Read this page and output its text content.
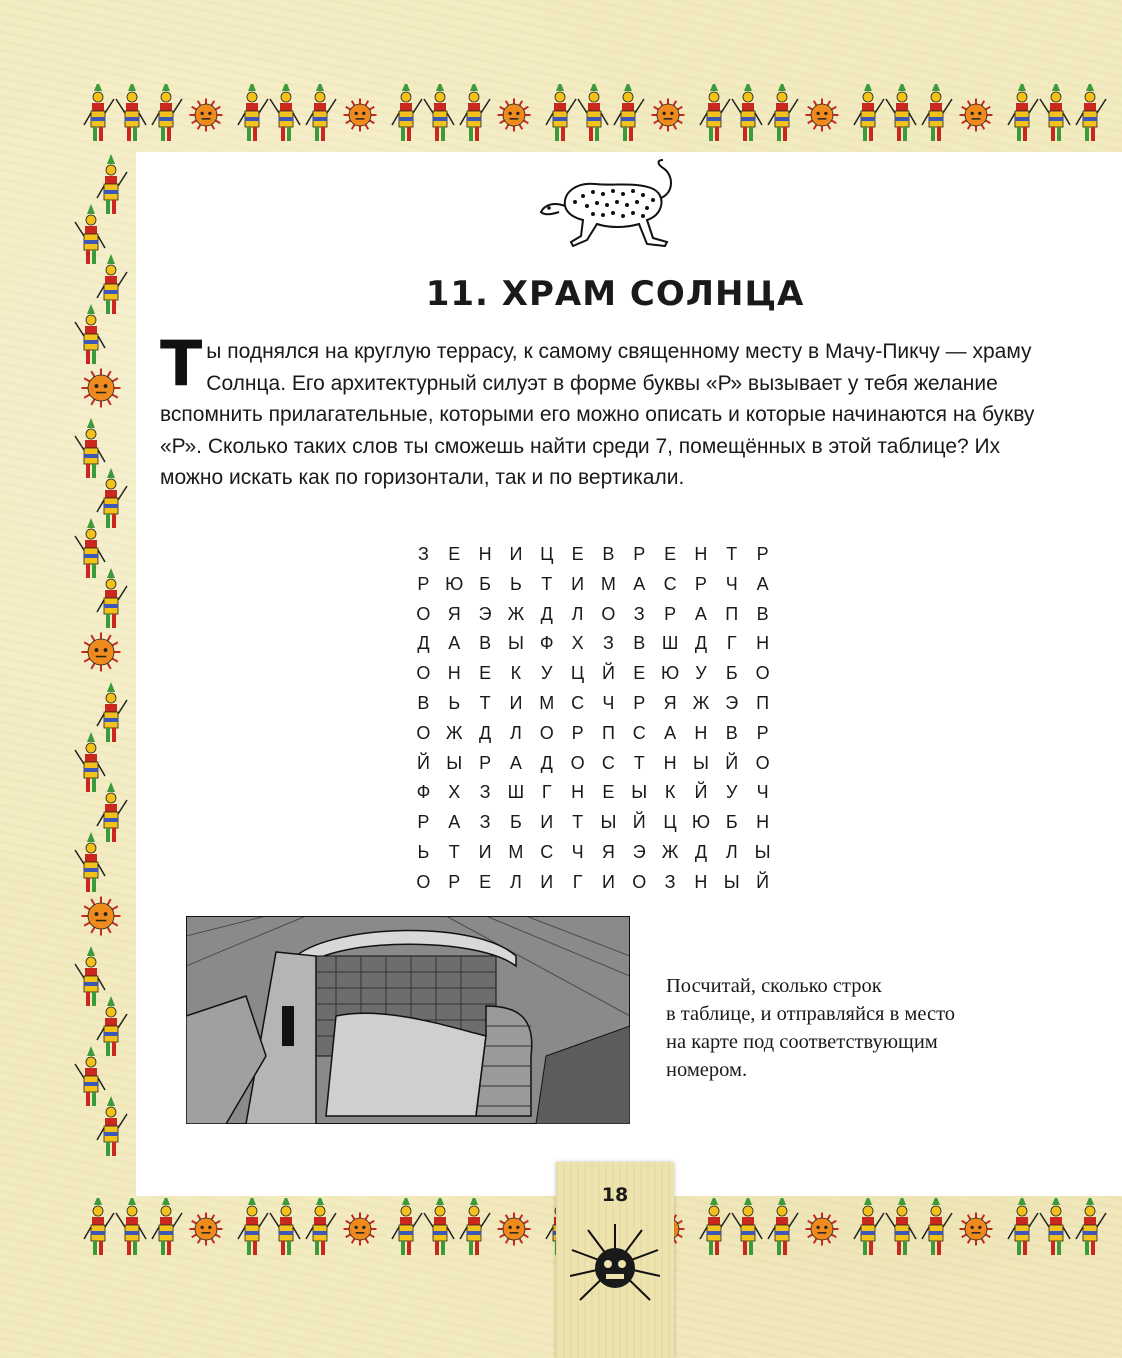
11. ХРАМ СОЛНЦА

Ты поднялся на круглую террасу, к самому священному месту в Мачу-Пикчу — храму Солнца. Его архитектурный силуэт в форме буквы «Р» вызывает у тебя желание вспомнить прилагательные, которыми его можно описать и которые начинаются на букву «Р». Сколько таких слов ты сможешь найти среди 7, помещённых в этой таблице? Их можно искать как по горизонтали, так и по вертикали.

З	Е	Н И Ц	Е	В	Р	Е	Н	Т	Р
Р Ю Б	Ь	Т	И М А	С	Р	Ч	А
О Я Э Ж Д	Л О	З	Р	А	П	В
Д	А	В Ы Ф Х	З	В Ш Д	Г	Н
О Н	Е	К	У	Ц Й	Е Ю У	Б О
В	Ь	Т	И М С	Ч	Р	Я Ж Э П
О Ж Д	Л О Р	П С	А	Н	В	Р
Й Ы Р	А	Д О С	Т	Н Ы Й О
Ф Х	З Ш Г	Н	Е Ы К	Й	У	Ч
Р	А	З	Б	И	Т Ы Й Ц Ю Б	Н
Ь	Т	И М С	Ч	Я Э Ж Д	Л Ы
О Р	Е	Л	И	Г	И О	З	Н Ы Й
Посчитай, сколько строк
в таблице, и отправляйся в место
на карте под соответствующим
номером.
18
